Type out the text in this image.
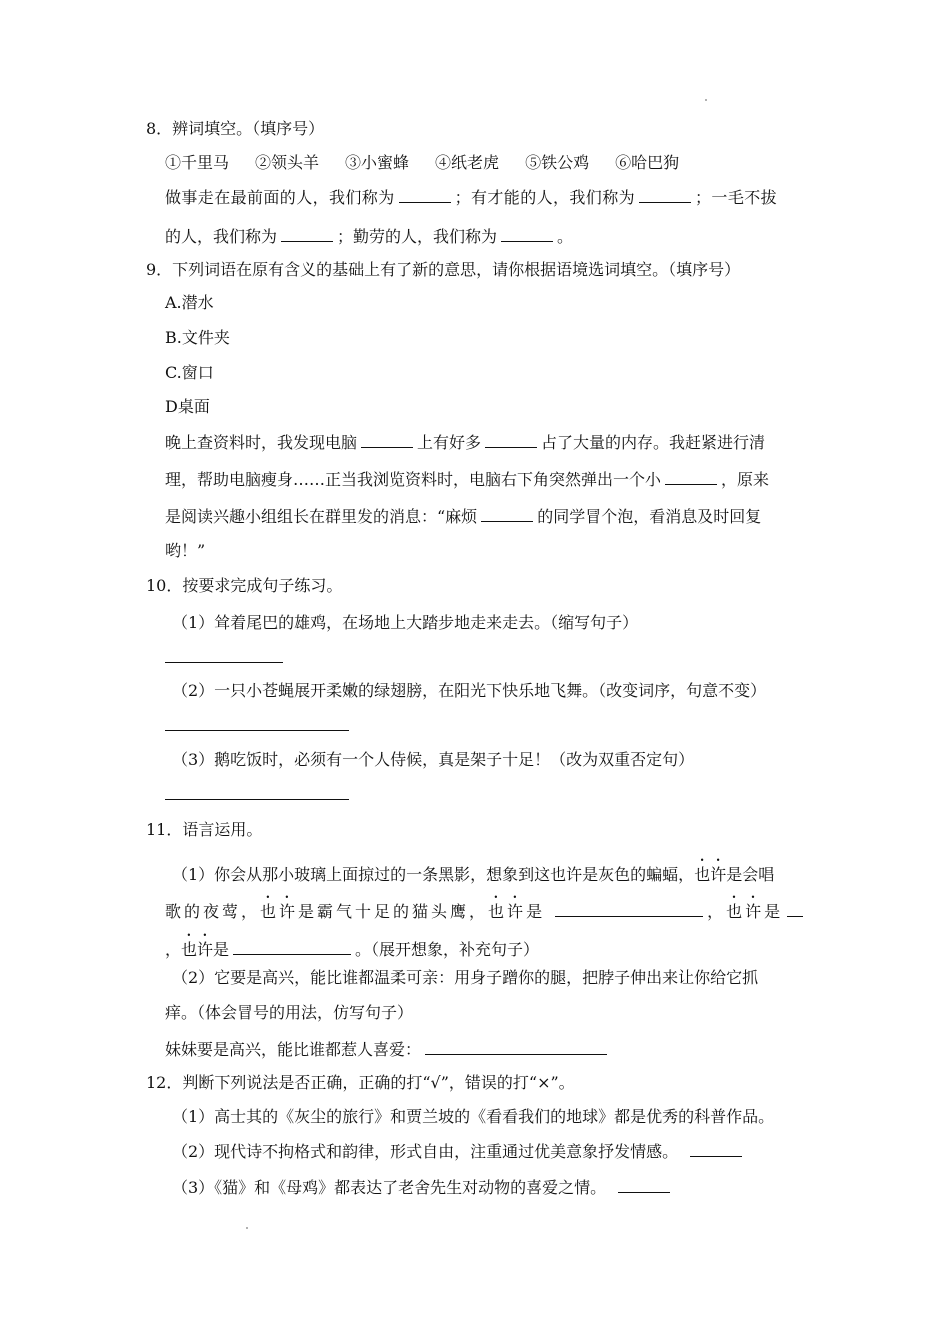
8．辨词填空。（填序号）
①千里马 ②领头羊 ③小蜜蜂 ④纸老虎 ⑤铁公鸡 ⑥哈巴狗
做事走在最前面的人，我们称为	；有才能的人，我们称为	；一毛不拔
的人，我们称为	；勤劳的人，我们称为	。
9．下列词语在原有含义的基础上有了新的意思，请你根据语境选词填空。（填序号）
A.潜水
B.文件夹
C.窗口
D桌面
晚上查资料时，我发现电脑	上有好多	占了大量的内存。我赶紧进行清
理，帮助电脑瘦身……正当我浏览资料时，电脑右下角突然弹出一个小	，原来
是阅读兴趣小组组长在群里发的消息：“麻烦	的同学冒个泡，看消息及时回复
哟！”
10．按要求完成句子练习。
（1）耸着尾巴的雄鸡，在场地上大踏步地走来走去。（缩写句子）
（2）一只小苍蝇展开柔嫩的绿翅膀，在阳光下快乐地飞舞。（改变词序，句意不变）
（3）鹅吃饭时，必须有一个人侍候，真是架子十足！（改为双重否定句）
11．语言运用。
（1）你会从那小玻璃上面掠过的一条黑影，想象到这也许是灰色的蝙蝠，也许是会唱
歌的夜莺，也许是霸气十足的猫头鹰，也许是	，也许是
，也许是	。（展开想象，补充句子）
（2）它要是高兴，能比谁都温柔可亲：用身子蹭你的腿，把脖子伸出来让你给它抓
痒。（体会冒号的用法，仿写句子）
妹妹要是高兴，能比谁都惹人喜爱：
12．判断下列说法是否正确，正确的打“√”，错误的打“×”。
（1）高士其的《灰尘的旅行》和贾兰坡的《看看我们的地球》都是优秀的科普作品。
（2）现代诗不拘格式和韵律，形式自由，注重通过优美意象抒发情感。
（3）《猫》和《母鸡》都表达了老舍先生对动物的喜爱之情。
